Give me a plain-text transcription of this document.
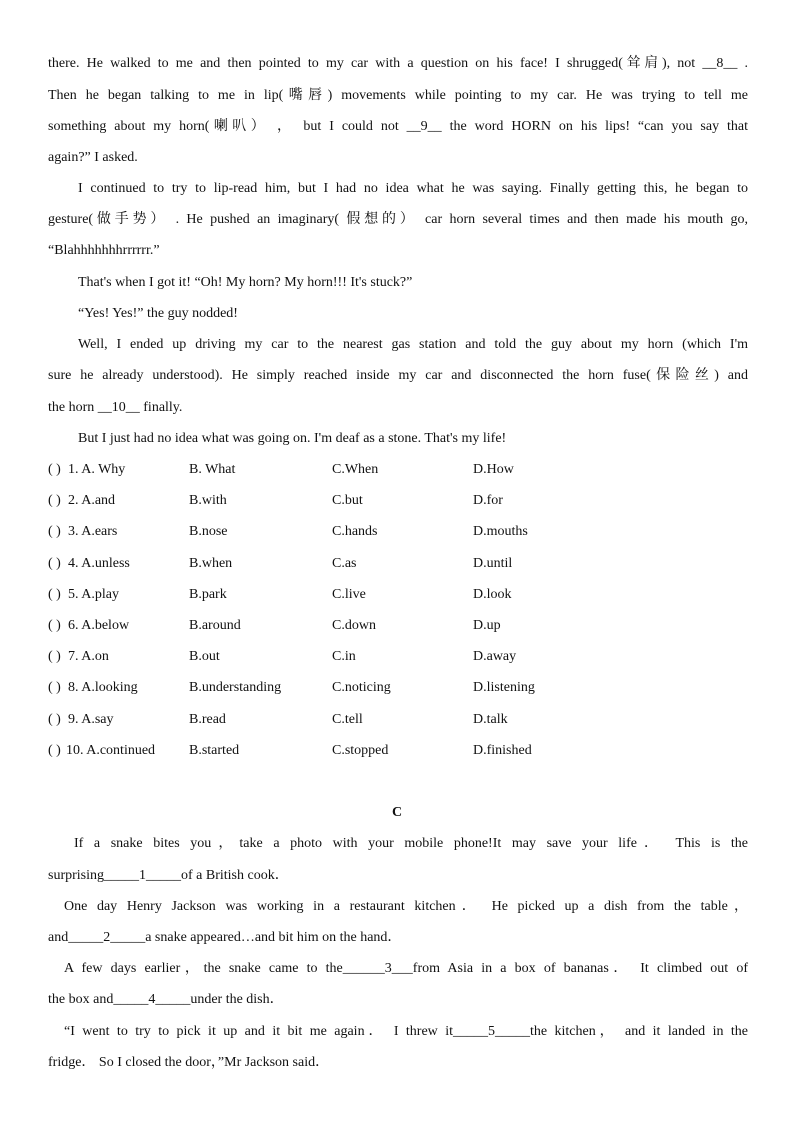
there. He walked to me and then pointed to my car with a question on his face! I shrugged(耸肩), not __8__ .
Then he began talking to me in lip(嘴唇) movements while pointing to my car. He was trying to tell me
something about my horn(喇叭） ， but I could not __9__ the word HORN on his lips! “can you say that
again?” I asked.
I continued to try to lip-read him, but I had no idea what he was saying. Finally getting this, he began to
gesture(做手势） . He pushed an imaginary( 假想的） car horn several times and then made his mouth go,
“Blahhhhhhhrrrrrr.”
That's when I got it! “Oh! My horn? My horn!!! It's stuck?”
“Yes! Yes!” the guy nodded!
Well, I ended up driving my car to the nearest gas station and told the guy about my horn (which I'm
sure he already understood). He simply reached inside my car and disconnected the horn fuse(保险丝) and
the horn __10__ finally.
But I just had no idea what was going on. I'm deaf as a stone. That's my life!
( ) 1. A. Why	B. What	C.When	D.How
( ) 2. A.and	B.with	C.but	D.for
( ) 3. A.ears	B.nose	C.hands	D.mouths
( ) 4. A.unless	B.when	C.as	D.until
( ) 5. A.play	B.park	C.live	D.look
( ) 6. A.below	B.around	C.down	D.up
( ) 7. A.on	B.out	C.in	D.away
( ) 8. A.looking	B.understanding	C.noticing	D.listening
( ) 9. A.say	B.read	C.tell	D.talk
( ) 10. A.continued B.started	C.stopped	D.finished
C
If a snake bites you，take a photo with your mobile phone!It may save your life． This is the
surprising_____1_____of a British cook．
One day Henry Jackson was working in a restaurant kitchen． He picked up a dish from the table，
and_____2_____a snake appeared…and bit him on the hand．
A few days earlier，the snake came to the______3___from Asia in a box of bananas． It climbed out of
the box and_____4_____under the dish．
“I went to try to pick it up and it bit me again． I threw it_____5_____the kitchen， and it landed in the
fridge． So I closed the door，”Mr Jackson said．
